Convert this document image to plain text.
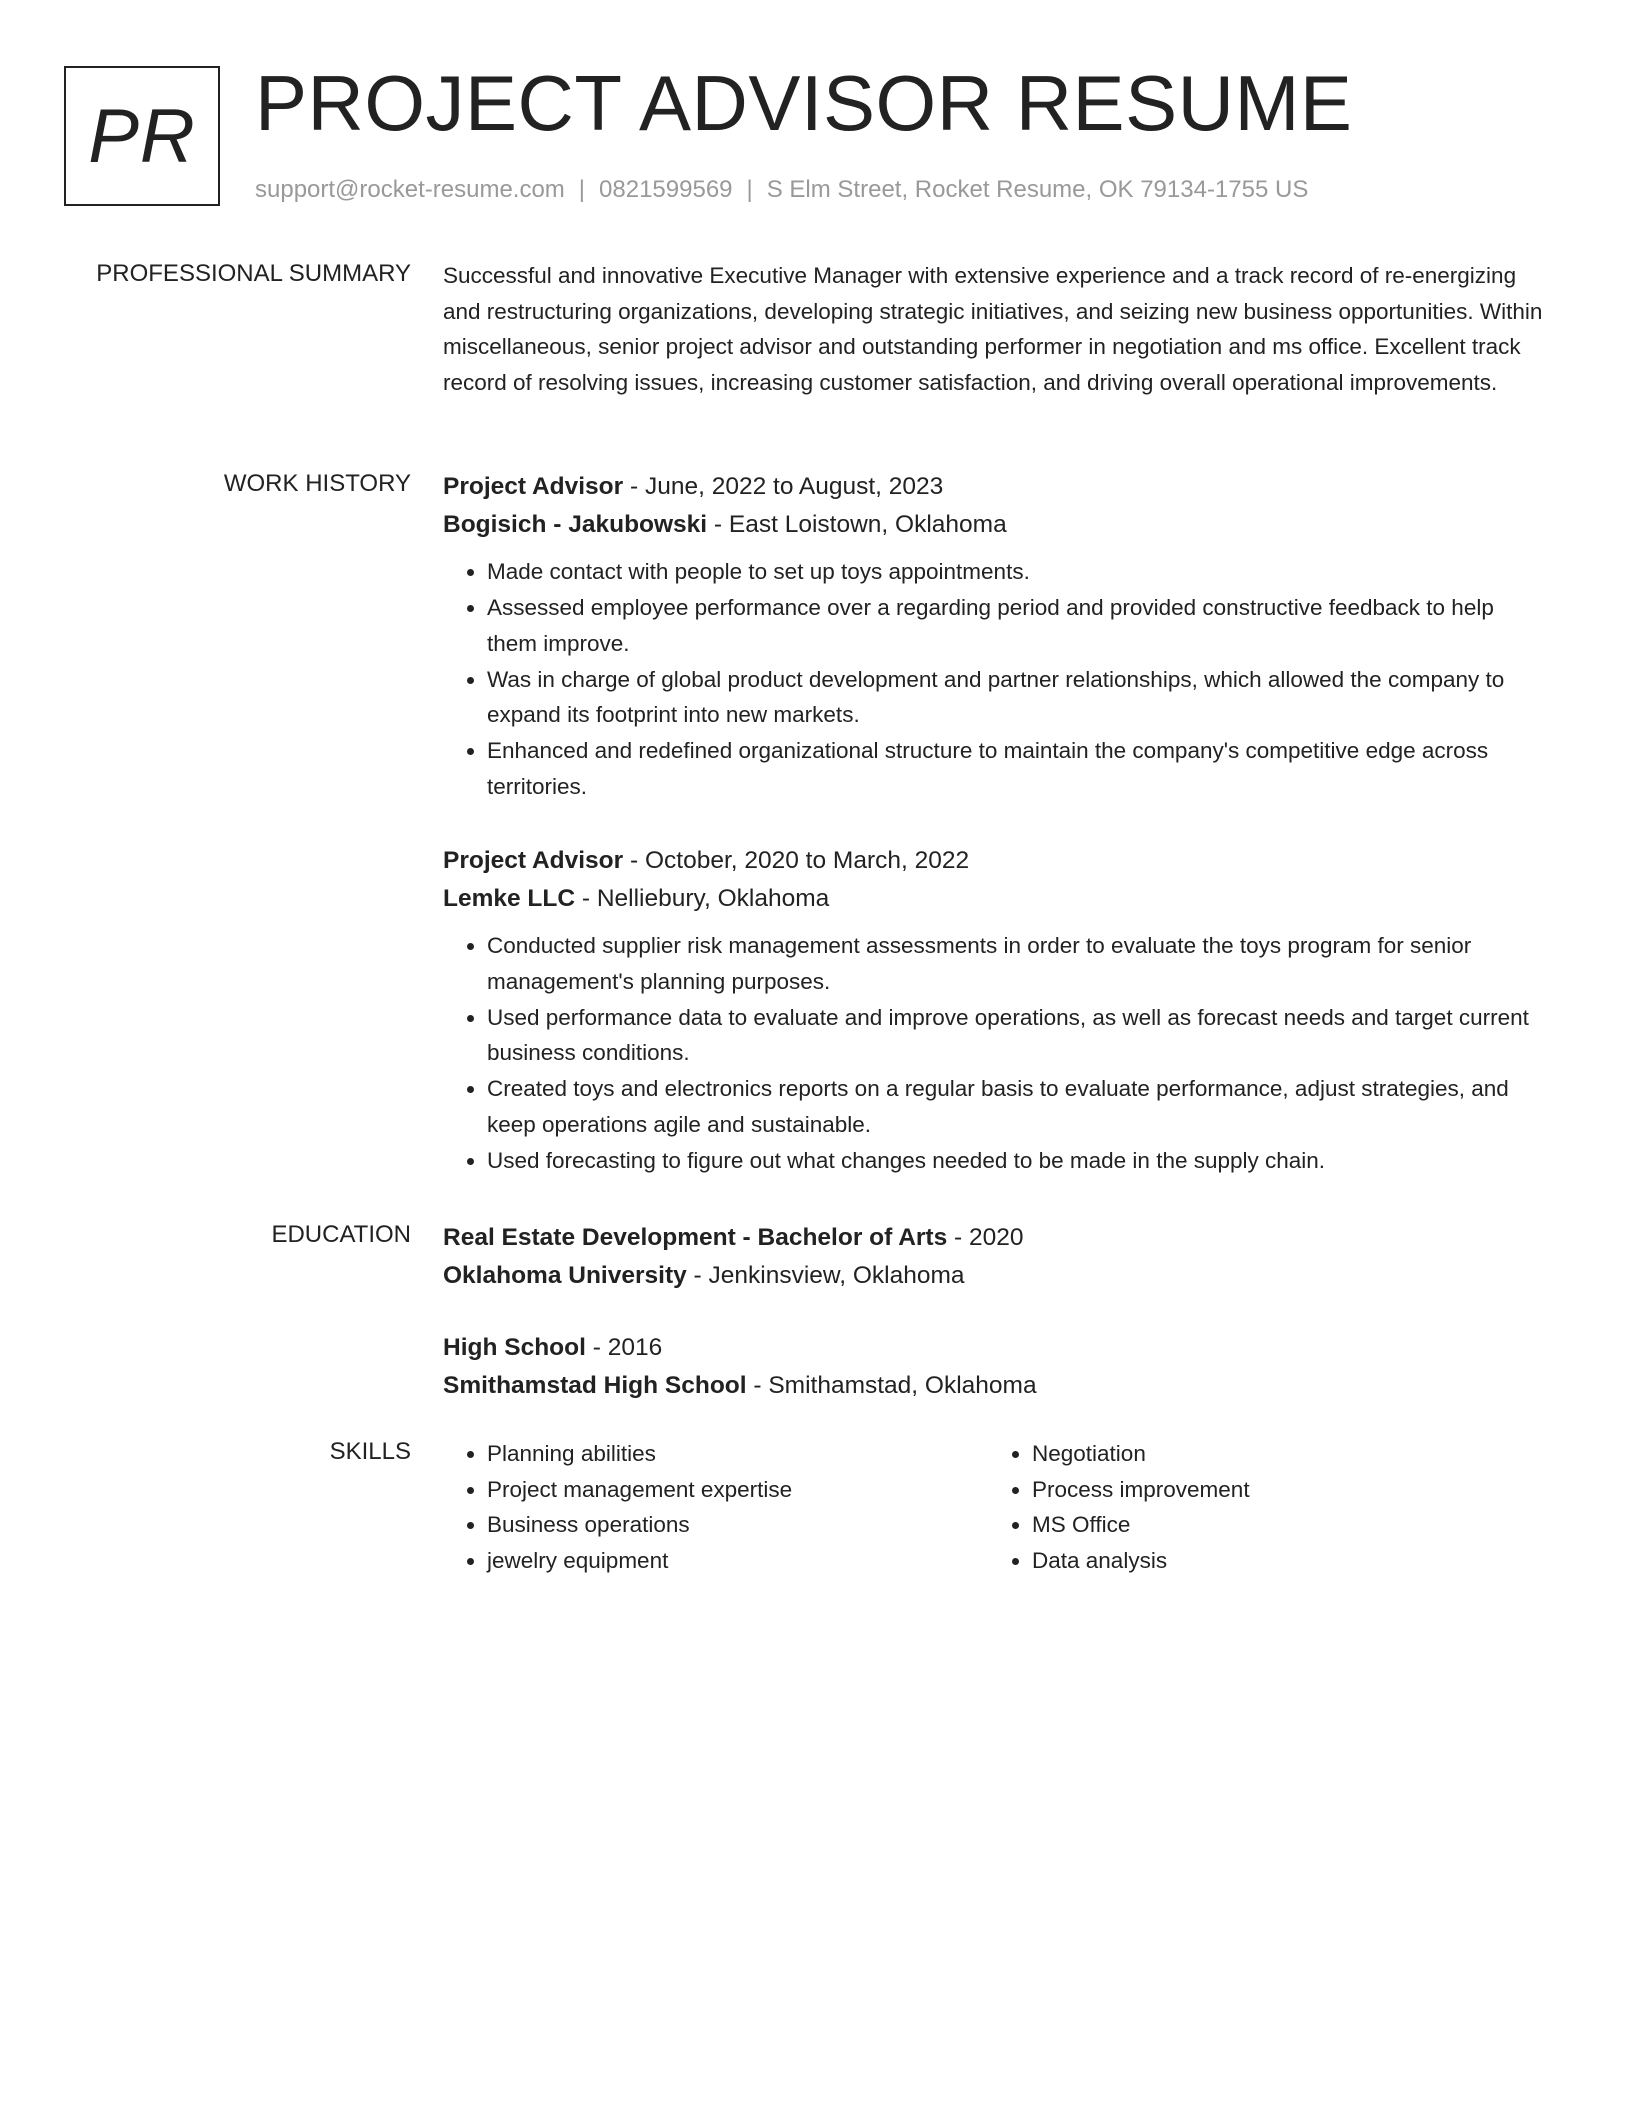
PR PROJECT ADVISOR RESUME
support@rocket-resume.com | 0821599569 | S Elm Street, Rocket Resume, OK 79134-1755 US
PROFESSIONAL SUMMARY Successful and innovative Executive Manager with extensive experience and a track record of re-energizing and restructuring organizations, developing strategic initiatives, and seizing new business opportunities. Within miscellaneous, senior project advisor and outstanding performer in negotiation and ms office. Excellent track record of resolving issues, increasing customer satisfaction, and driving overall operational improvements.

WORK HISTORY Project Advisor - June, 2022 to August, 2023
Bogisich - Jakubowski - East Loistown, Oklahoma
• Made contact with people to set up toys appointments.
• Assessed employee performance over a regarding period and provided constructive feedback to help them improve.
• Was in charge of global product development and partner relationships, which allowed the company to expand its footprint into new markets.
• Enhanced and redefined organizational structure to maintain the company's competitive edge across territories.
Project Advisor - October, 2020 to March, 2022
Lemke LLC - Nelliebury, Oklahoma
• Conducted supplier risk management assessments in order to evaluate the toys program for senior management's planning purposes.
• Used performance data to evaluate and improve operations, as well as forecast needs and target current business conditions.
• Created toys and electronics reports on a regular basis to evaluate performance, adjust strategies, and keep operations agile and sustainable.
• Used forecasting to figure out what changes needed to be made in the supply chain.
EDUCATION Real Estate Development - Bachelor of Arts - 2020
Oklahoma University - Jenkinsview, Oklahoma
High School - 2016
Smithamstad High School - Smithamstad, Oklahoma
SKILLS
•	Planning abilities
• Project management expertise
• Business operations
• jewelry equipment
• Negotiation
• Process improvement
• MS Office
• Data analysis
